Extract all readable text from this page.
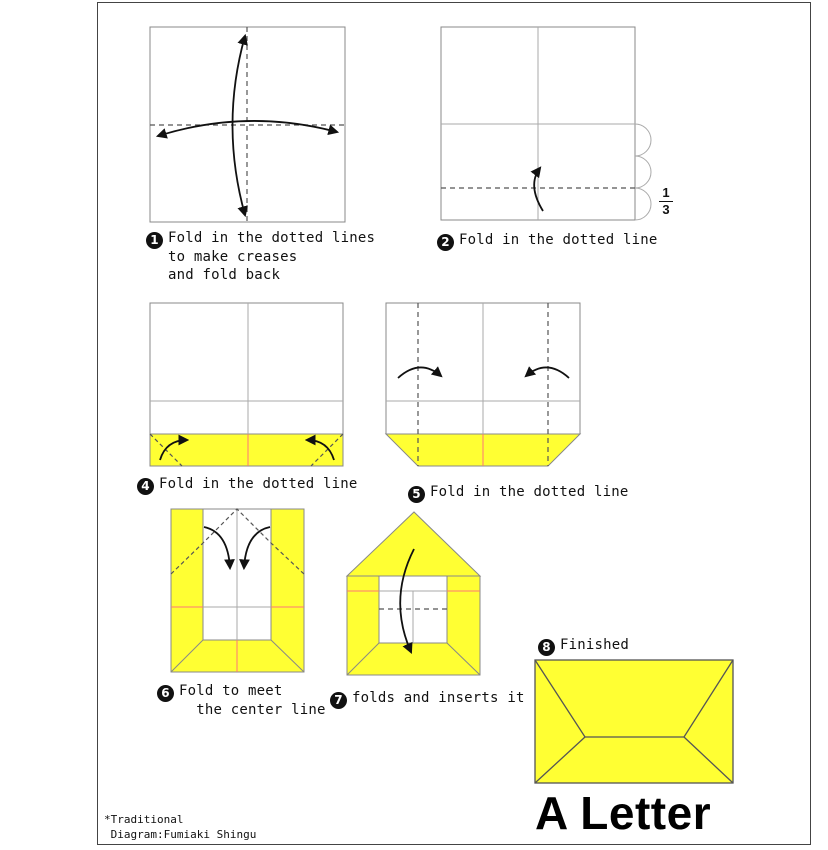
1 Fold in the dotted lines
to make creases
and fold back
2 Fold in the dotted line
1
3
4 Fold in the dotted line
5 Fold in the dotted line
6 Fold to meet
the center line
7 folds and inserts it
8 Finished
*Traditional
Diagram:Fumiaki Shingu	A Letter
